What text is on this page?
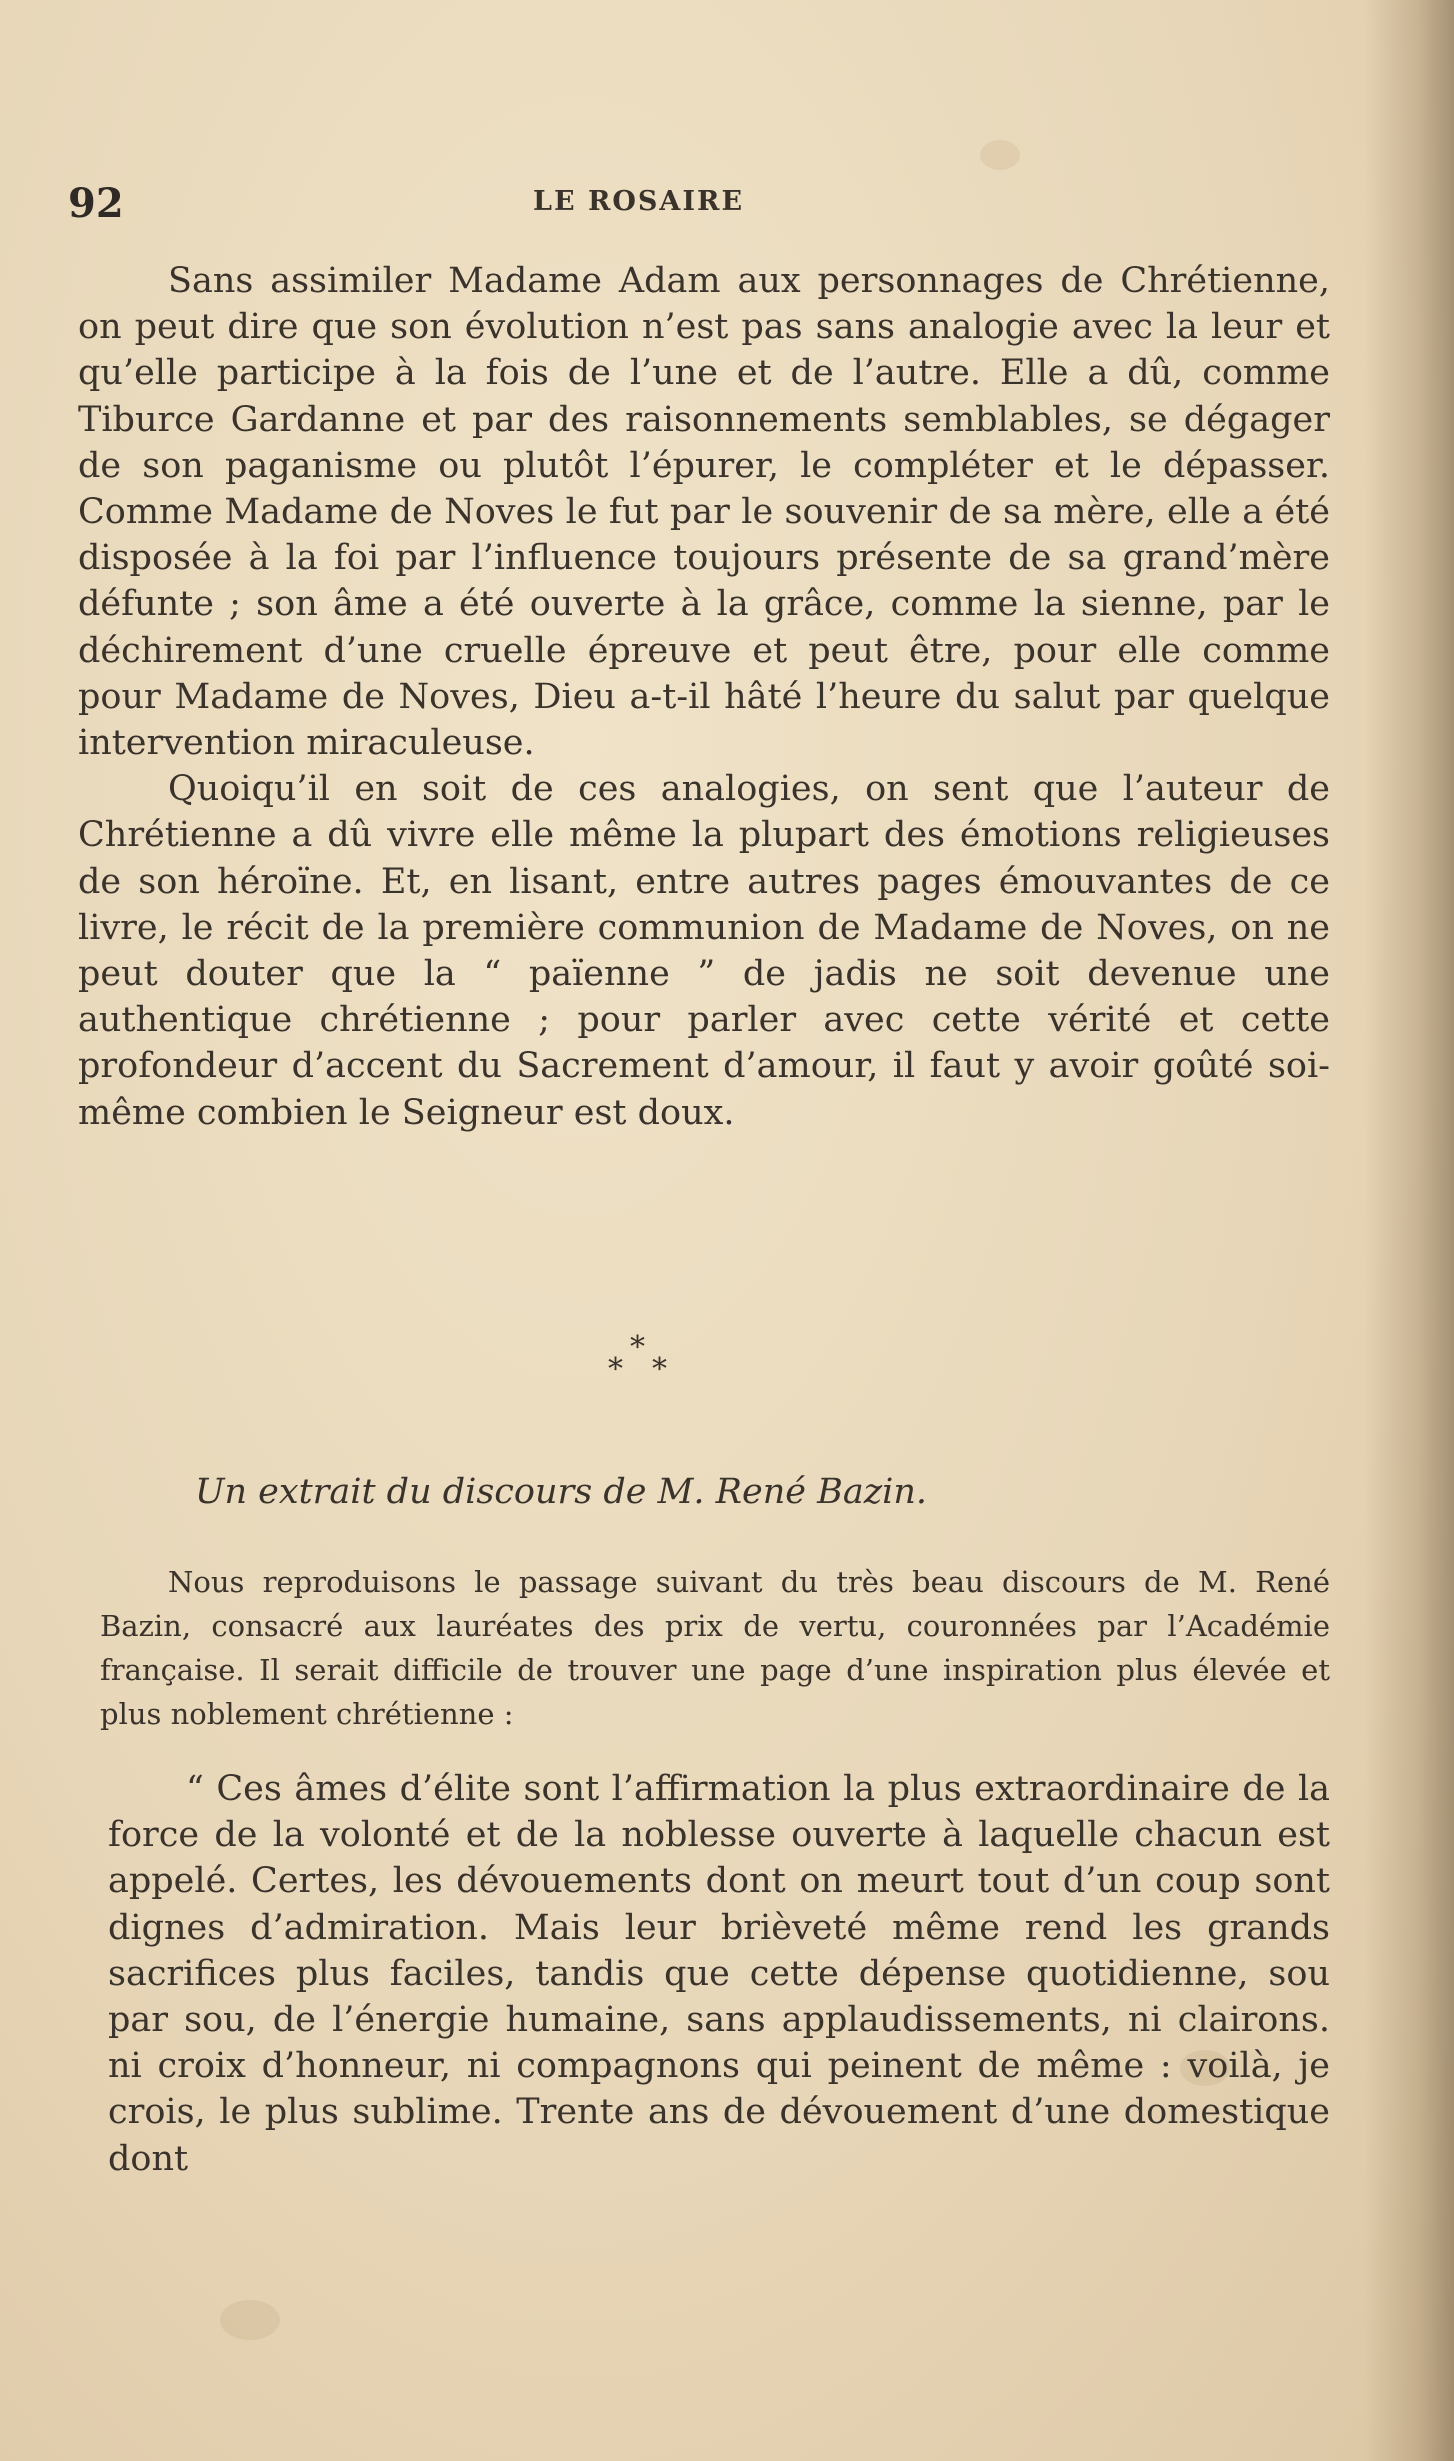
92	LE ROSAIRE

Sans assimiler Madame Adam aux personnages de Chrétienne, on peut dire que son évolution n’est pas sans analogie avec la leur et qu’elle participe à la fois de l’une et de l’autre. Elle a dû, comme Tiburce Gardanne et par des raisonnements semblables, se dégager de son paganisme ou plutôt l’épurer, le compléter et le dépasser. Comme Madame de Noves le fut par le souvenir de sa mère, elle a été disposée à la foi par l’influence toujours présente de sa grand’mère défunte ; son âme a été ouverte à la grâce, comme la sienne, par le déchirement d’une cruelle épreuve et peut être, pour elle comme pour Madame de Noves, Dieu a-t-il hâté l’heure du salut par quelque intervention miraculeuse.

Quoiqu’il en soit de ces analogies, on sent que l’auteur de Chrétienne a dû vivre elle même la plupart des émotions religieuses de son héroïne. Et, en lisant, entre autres pages émouvantes de ce livre, le récit de la première communion de Madame de Noves, on ne peut douter que la “ païenne ” de jadis ne soit devenue une authentique chrétienne ; pour parler avec cette vérité et cette profondeur d’accent du Sacrement d’amour, il faut y avoir goûté soi-même combien le Seigneur est doux.

*
* *
Un extrait du discours de M. René Bazin.

Nous reproduisons le passage suivant du très beau discours de M. René Bazin, consacré aux lauréates des prix de vertu, couronnées par l’Académie française. Il serait difficile de trouver une page d’une inspiration plus élevée et plus noblement chrétienne :

“ Ces âmes d’élite sont l’affirmation la plus extraordinaire de la force de la volonté et de la noblesse ouverte à laquelle chacun est appelé. Certes, les dévouements dont on meurt tout d’un coup sont dignes d’admiration. Mais leur brièveté même rend les grands sacrifices plus faciles, tandis que cette dépense quotidienne, sou par sou, de l’énergie humaine, sans applaudissements, ni clairons. ni croix d’honneur, ni compagnons qui peinent de même : voilà, je crois, le plus sublime. Trente ans de dévouement d’une domestique dont
